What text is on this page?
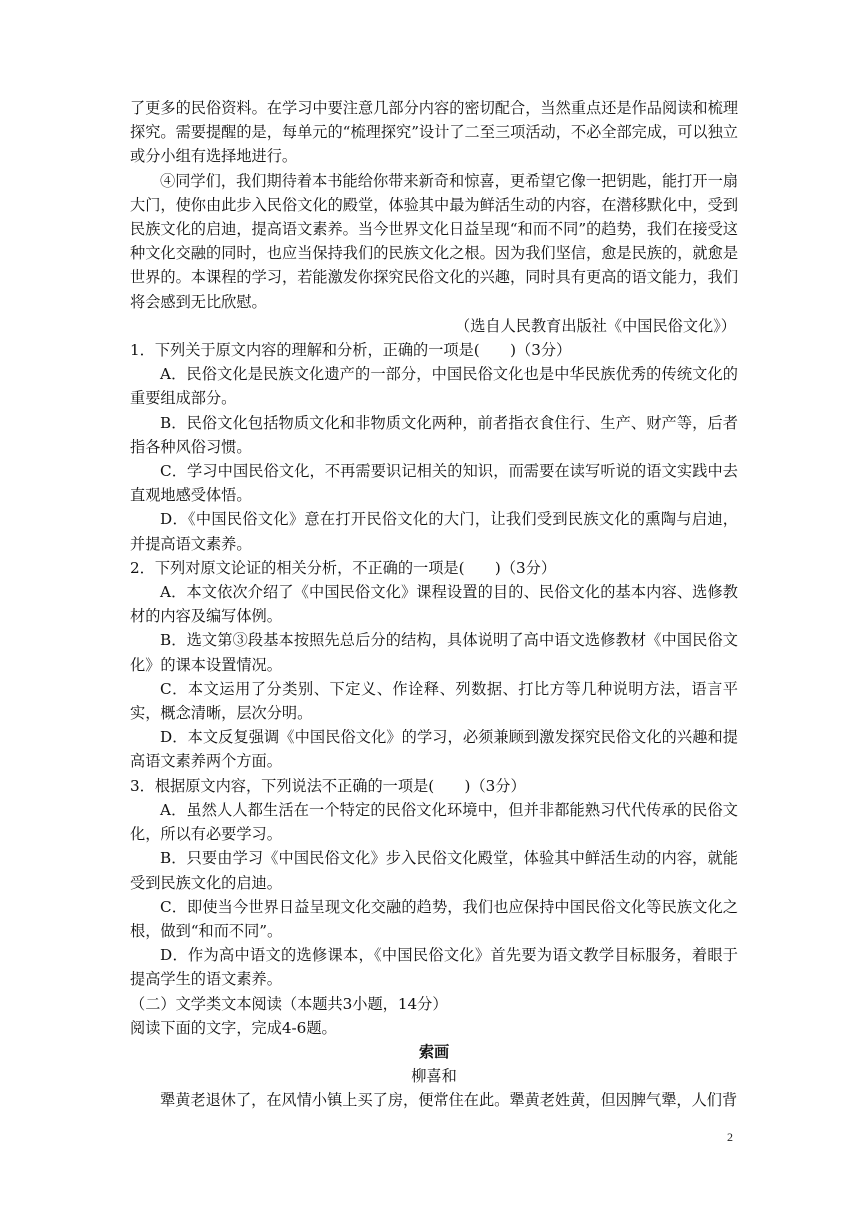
了更多的民俗资料。在学习中要注意几部分内容的密切配合，当然重点还是作品阅读和梳理探究。需要提醒的是，每单元的“梳理探究”设计了二至三项活动，不必全部完成，可以独立或分小组有选择地进行。

④同学们，我们期待着本书能给你带来新奇和惊喜，更希望它像一把钥匙，能打开一扇大门，使你由此步入民俗文化的殿堂，体验其中最为鲜活生动的内容，在潜移默化中，受到民族文化的启迪，提高语文素养。当今世界文化日益呈现“和而不同”的趋势，我们在接受这种文化交融的同时，也应当保持我们的民族文化之根。因为我们坚信，愈是民族的，就愈是世界的。本课程的学习，若能激发你探究民俗文化的兴趣，同时具有更高的语文能力，我们将会感到无比欣慰。

（选自人民教育出版社《中国民俗文化》）

1．下列关于原文内容的理解和分析，正确的一项是(　　)（3分）

A．民俗文化是民族文化遗产的一部分，中国民俗文化也是中华民族优秀的传统文化的重要组成部分。

B．民俗文化包括物质文化和非物质文化两种，前者指衣食住行、生产、财产等，后者指各种风俗习惯。

C．学习中国民俗文化，不再需要识记相关的知识，而需要在读写听说的语文实践中去直观地感受体悟。

D．《中国民俗文化》意在打开民俗文化的大门，让我们受到民族文化的熏陶与启迪，并提高语文素养。

2．下列对原文论证的相关分析，不正确的一项是(　　)（3分）

A．本文依次介绍了《中国民俗文化》课程设置的目的、民俗文化的基本内容、选修教材的内容及编写体例。

B．选文第③段基本按照先总后分的结构，具体说明了高中语文选修教材《中国民俗文化》的课本设置情况。

C．本文运用了分类别、下定义、作诠释、列数据、打比方等几种说明方法，语言平实，概念清晰，层次分明。

D．本文反复强调《中国民俗文化》的学习，必须兼顾到激发探究民俗文化的兴趣和提高语文素养两个方面。

3．根据原文内容，下列说法不正确的一项是(　　)（3分）

A．虽然人人都生活在一个特定的民俗文化环境中，但并非都能熟习代代传承的民俗文化，所以有必要学习。

B．只要由学习《中国民俗文化》步入民俗文化殿堂，体验其中鲜活生动的内容，就能受到民族文化的启迪。

C．即使当今世界日益呈现文化交融的趋势，我们也应保持中国民俗文化等民族文化之根，做到“和而不同”。

D．作为高中语文的选修课本，《中国民俗文化》首先要为语文教学目标服务，着眼于提高学生的语文素养。

（二）文学类文本阅读（本题共3小题，14分）

阅读下面的文字，完成4-6题。

索画

柳喜和

犟黄老退休了，在风情小镇上买了房，便常住在此。犟黄老姓黄，但因脾气犟，人们背

2
